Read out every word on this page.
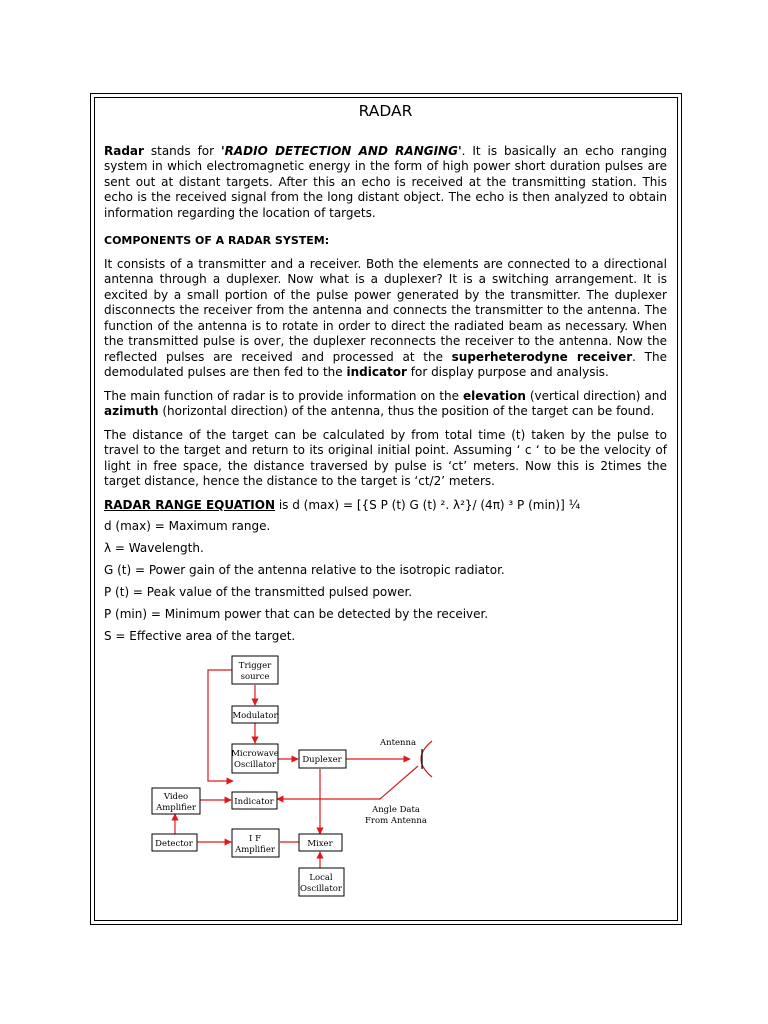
RADAR

Radar stands for 'RADIO DETECTION AND RANGING'. It is basically an echo ranging system in which electromagnetic energy in the form of high power short duration pulses are sent out at distant targets. After this an echo is received at the transmitting station. This echo is the received signal from the long distant object. The echo is then analyzed to obtain information regarding the location of targets.

COMPONENTS OF A RADAR SYSTEM:

It consists of a transmitter and a receiver. Both the elements are connected to a directional antenna through a duplexer. Now what is a duplexer? It is a switching arrangement. It is excited by a small portion of the pulse power generated by the transmitter. The duplexer disconnects the receiver from the antenna and connects the transmitter to the antenna. The function of the antenna is to rotate in order to direct the radiated beam as necessary. When the transmitted pulse is over, the duplexer reconnects the receiver to the antenna. Now the reflected pulses are received and processed at the superheterodyne receiver. The demodulated pulses are then fed to the indicator for display purpose and analysis.

The main function of radar is to provide information on the elevation (vertical direction) and azimuth (horizontal direction) of the antenna, thus the position of the target can be found.

The distance of the target can be calculated by from total time (t) taken by the pulse to travel to the target and return to its original initial point. Assuming ‘ c ‘ to be the velocity of light in free space, the distance traversed by pulse is ‘ct’ meters. Now this is 2times the target distance, hence the distance to the target is ‘ct/2’ meters.

RADAR RANGE EQUATION is d (max) = [{S P (t) G (t) ². λ²}/ (4π) ³ P (min)] ¼

d (max) = Maximum range.

λ = Wavelength.

G (t) = Power gain of the antenna relative to the isotropic radiator.

P (t) = Peak value of the transmitted pulsed power.

P (min) = Minimum power that can be detected by the receiver.

S = Effective area of the target.

Trigger
source
Modulator
Microwave
Oscillator	Duplexer
Antenna
Video
Amplifier
Indicator
Angle Data
From Antenna
Detector	I F
Amplifier
Mixer
Local
Oscillator
